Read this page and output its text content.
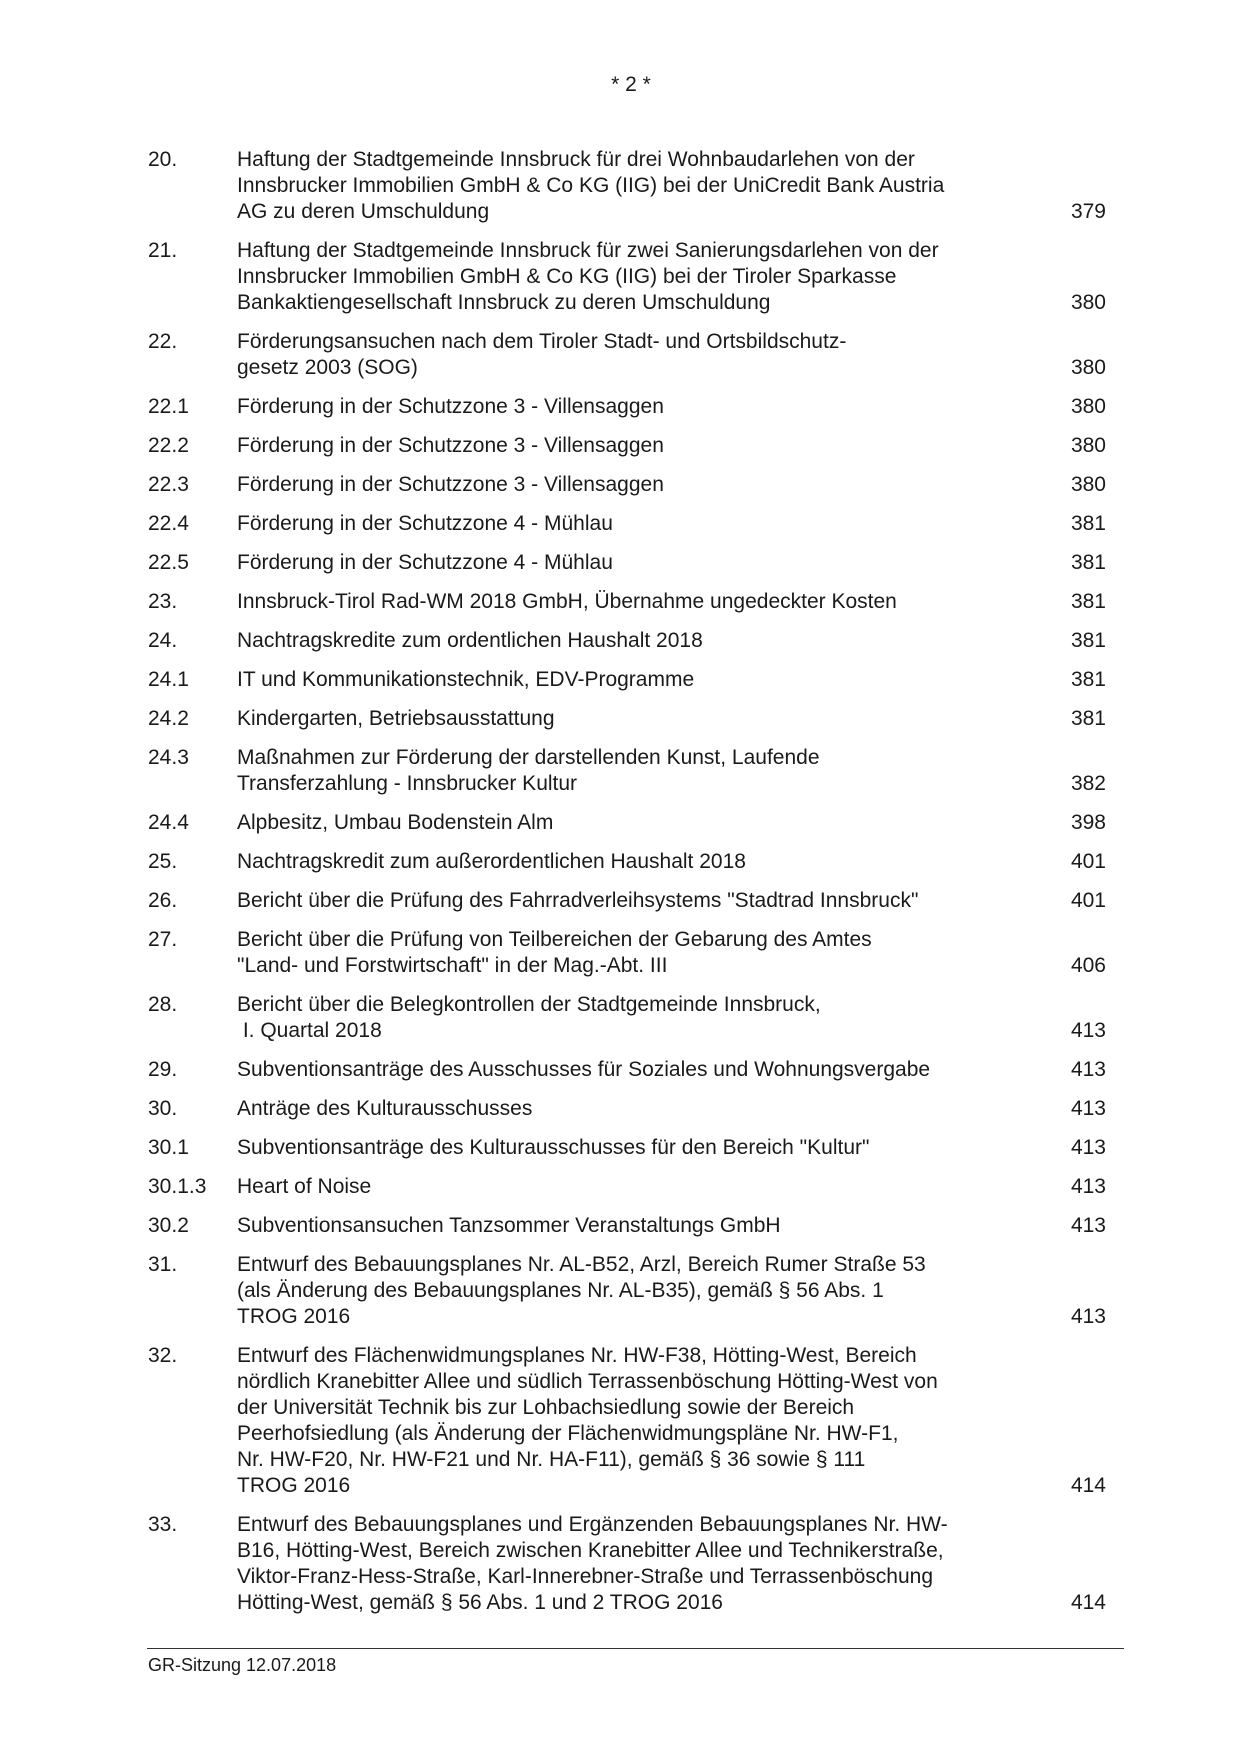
* 2 *
20.	Haftung der Stadtgemeinde Innsbruck für drei Wohnbaudarlehen von der
Innsbrucker Immobilien GmbH & Co KG (IIG) bei der UniCredit Bank Austria
AG zu deren Umschuldung	379
21.	Haftung der Stadtgemeinde Innsbruck für zwei Sanierungsdarlehen von der
Innsbrucker Immobilien GmbH & Co KG (IIG) bei der Tiroler Sparkasse
Bankaktiengesellschaft Innsbruck zu deren Umschuldung	380
22.	Förderungsansuchen nach dem Tiroler Stadt- und Ortsbildschutz-
gesetz 2003 (SOG)	380
22.1 Förderung in der Schutzzone 3 - Villensaggen	380
22.2 Förderung in der Schutzzone 3 - Villensaggen	380
22.3 Förderung in der Schutzzone 3 - Villensaggen	380
22.4 Förderung in der Schutzzone 4 - Mühlau	381
22.5 Förderung in der Schutzzone 4 - Mühlau	381
23.	Innsbruck-Tirol Rad-WM 2018 GmbH, Übernahme ungedeckter Kosten	381
24.	Nachtragskredite zum ordentlichen Haushalt 2018	381
24.1 IT und Kommunikationstechnik, EDV-Programme	381
24.2 Kindergarten, Betriebsausstattung	381
24.3 Maßnahmen zur Förderung der darstellenden Kunst, Laufende
Transferzahlung - Innsbrucker Kultur	382
24.4 Alpbesitz, Umbau Bodenstein Alm	398
25.	Nachtragskredit zum außerordentlichen Haushalt 2018	401
26.	Bericht über die Prüfung des Fahrradverleihsystems "Stadtrad Innsbruck"	401
27.	Bericht über die Prüfung von Teilbereichen der Gebarung des Amtes
"Land- und Forstwirtschaft" in der Mag.-Abt. III	406
28.	Bericht über die Belegkontrollen der Stadtgemeinde Innsbruck,
I. Quartal 2018	413
29.	Subventionsanträge des Ausschusses für Soziales und Wohnungsvergabe	413
30.	Anträge des Kulturausschusses	413
30.1 Subventionsanträge des Kulturausschusses für den Bereich "Kultur"	413
30.1.3 Heart of Noise	413
30.2 Subventionsansuchen Tanzsommer Veranstaltungs GmbH	413
31.	Entwurf des Bebauungsplanes Nr. AL-B52, Arzl, Bereich Rumer Straße 53
(als Änderung des Bebauungsplanes Nr. AL-B35), gemäß § 56 Abs. 1
TROG 2016	413
32.	Entwurf des Flächenwidmungsplanes Nr. HW-F38, Hötting-West, Bereich
nördlich Kranebitter Allee und südlich Terrassenböschung Hötting-West von
der Universität Technik bis zur Lohbachsiedlung sowie der Bereich
Peerhofsiedlung (als Änderung der Flächenwidmungspläne Nr. HW-F1,
Nr. HW-F20, Nr. HW-F21 und Nr. HA-F11), gemäß § 36 sowie § 111
TROG 2016	414
33.	Entwurf des Bebauungsplanes und Ergänzenden Bebauungsplanes Nr. HW-
B16, Hötting-West, Bereich zwischen Kranebitter Allee und Technikerstraße,
Viktor-Franz-Hess-Straße, Karl-Innerebner-Straße und Terrassenböschung
Hötting-West, gemäß § 56 Abs. 1 und 2 TROG 2016	414
GR-Sitzung 12.07.2018
